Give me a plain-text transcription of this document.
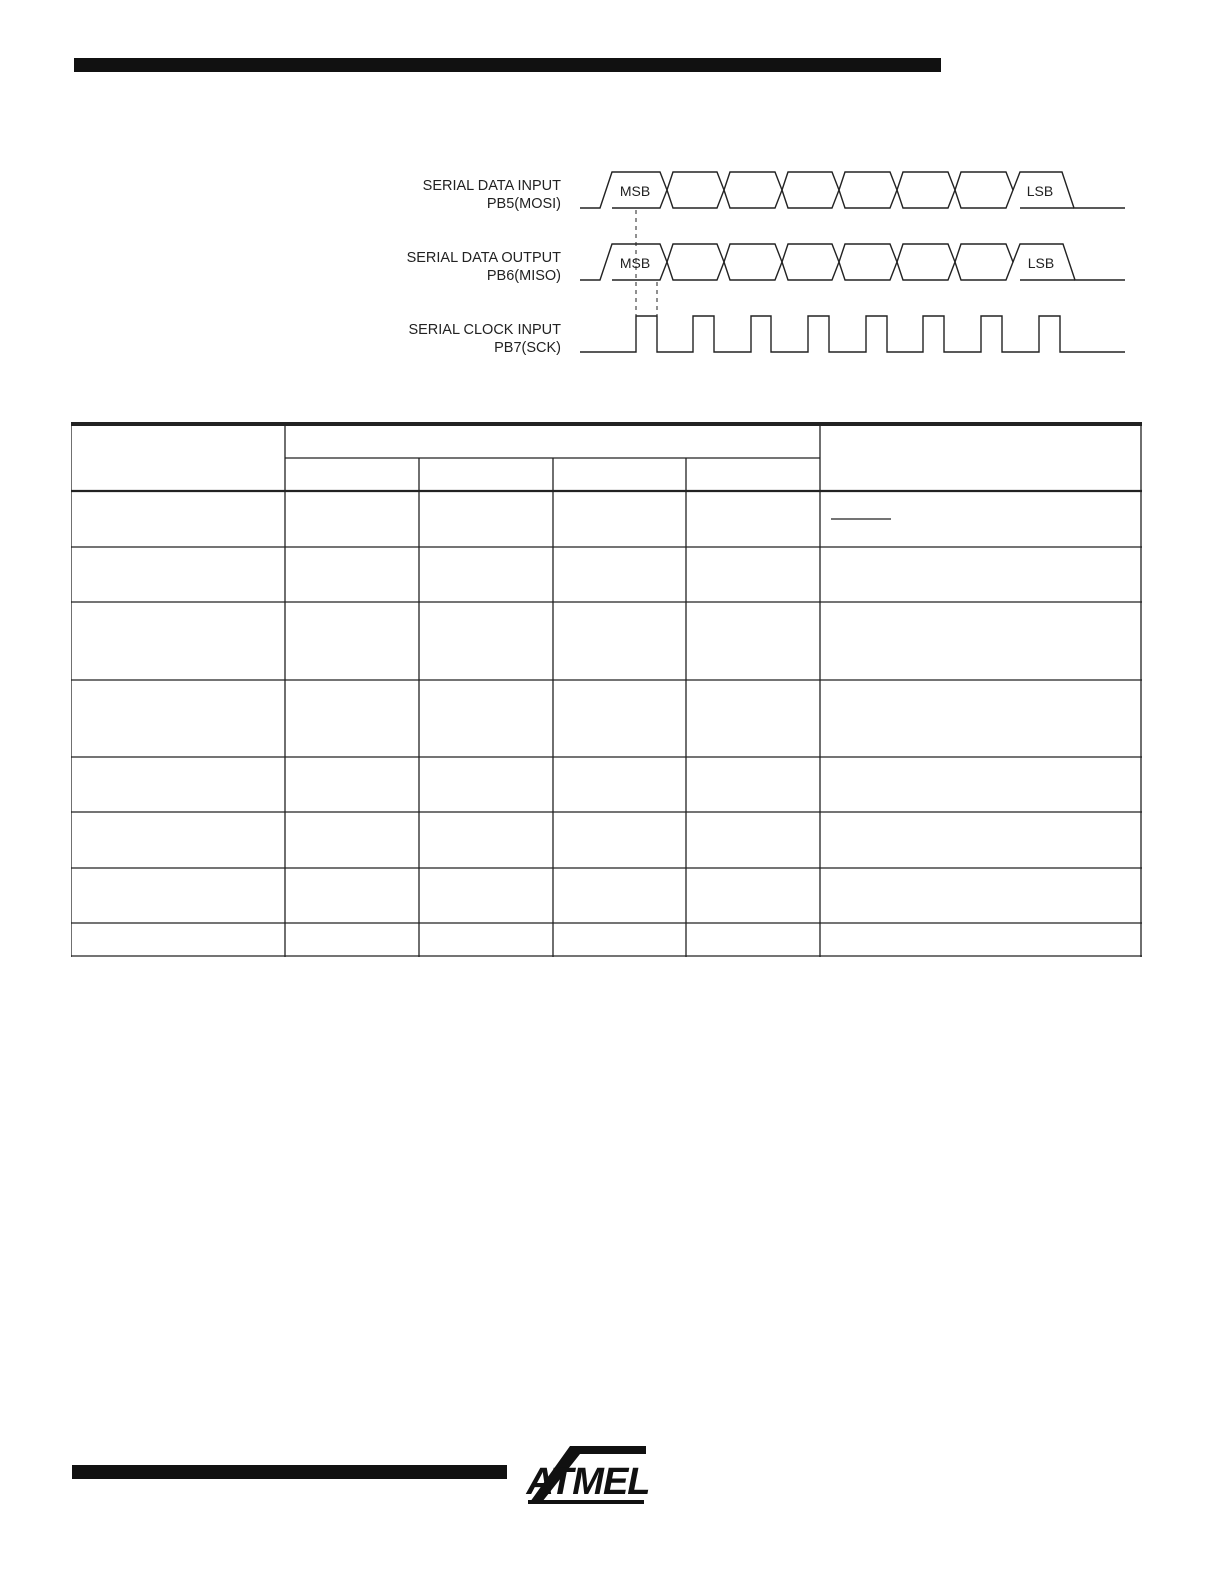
SERIAL DATA INPUT
PB5(MOSI)
SERIAL DATA OUTPUT
PB6(MISO)
SERIAL CLOCK INPUT
PB7(SCK)
MSB	LSB
MSB	LSB
ATMEL
